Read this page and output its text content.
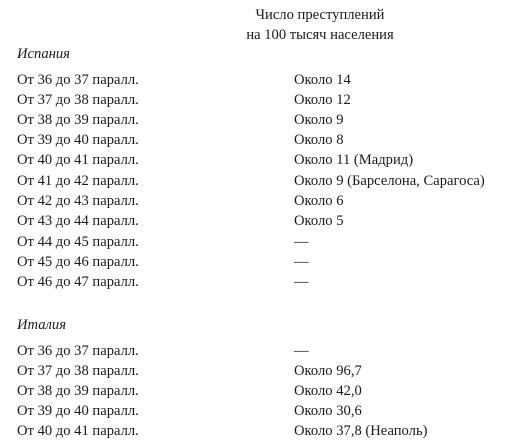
Число преступлений
на 100 тысяч населения
Испания
От 36 до 37 паралл.	Около 14
От 37 до 38 паралл.	Около 12
От 38 до 39 паралл.	Около 9
От 39 до 40 паралл.	Около 8
От 40 до 41 паралл.	Около 11 (Мадрид)
От 41 до 42 паралл.	Около 9 (Барселона, Сарагоса)
От 42 до 43 паралл.	Около 6
От 43 до 44 паралл.	Около 5
От 44 до 45 паралл.	—
От 45 до 46 паралл.	—
От 46 до 47 паралл.	—
Италия
От 36 до 37 паралл.	—
От 37 до 38 паралл.	Около 96,7
От 38 до 39 паралл.	Около 42,0
От 39 до 40 паралл.	Около 30,6
От 40 до 41 паралл.	Около 37,8 (Неаполь)
